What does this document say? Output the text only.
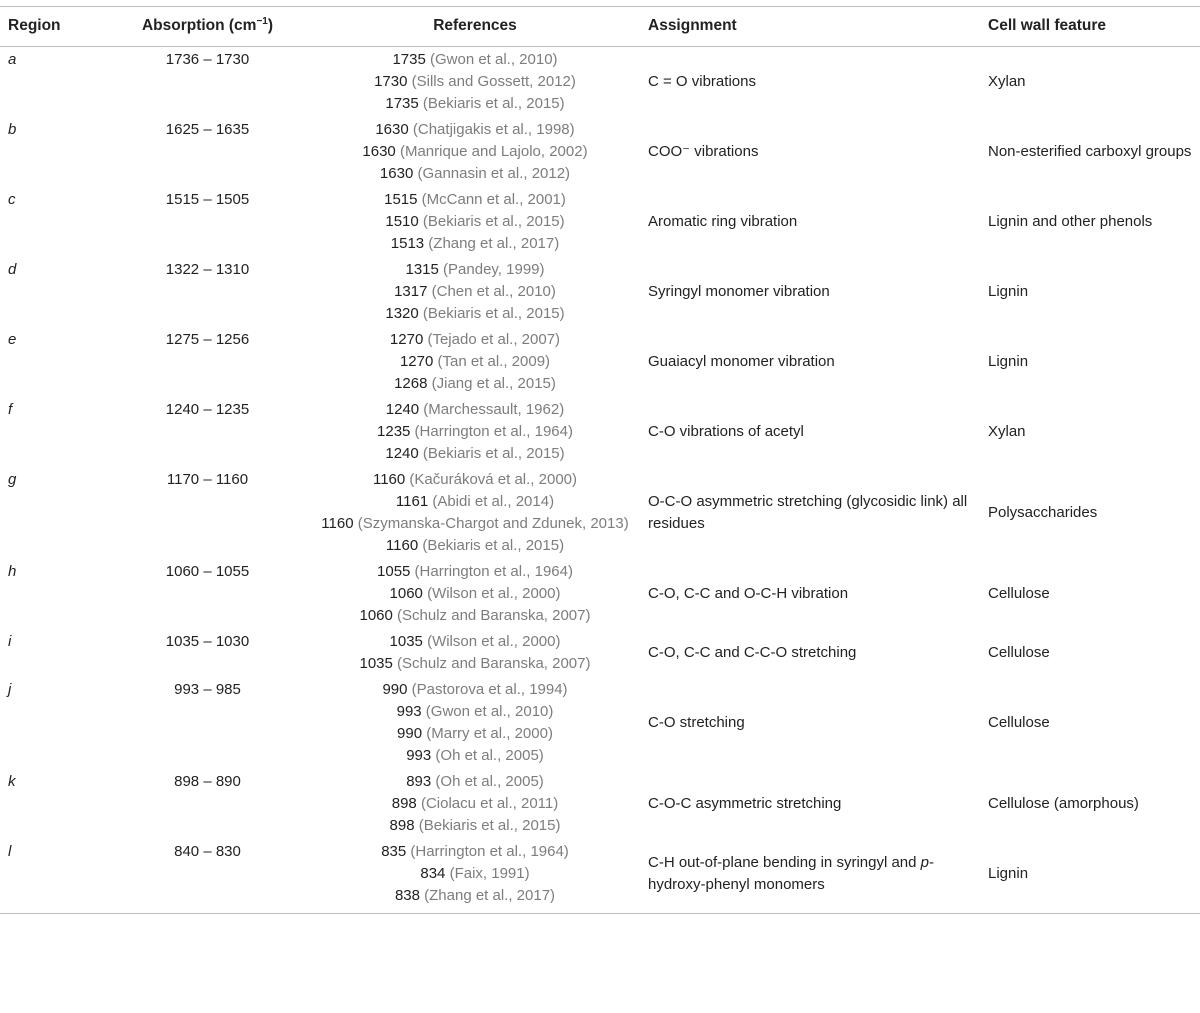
Region	Absorption $(cm^{-1})$	References	Assignment	Cell wall feature
a	1736 – 1730	1735 (Gwon et al., 2010)
1730 (Sills and Gossett, 2012)
1735 (Bekiaris et al., 2015)	C = O vibrations	Xylan
b	1625 – 1635	1630 (Chatjigakis et al., 1998)
1630 (Manrique and Lajolo, 2002)
1630 (Gannasin et al., 2012)	COO⁻ vibrations	Non-esterified carboxyl groups
c	1515 – 1505	1515 (McCann et al., 2001)
1510 (Bekiaris et al., 2015)
1513 (Zhang et al., 2017)	Aromatic ring vibration	Lignin and other phenols
d	1322 – 1310	1315 (Pandey, 1999)
1317 (Chen et al., 2010)
1320 (Bekiaris et al., 2015)	Syringyl monomer vibration	Lignin
e	1275 – 1256	1270 (Tejado et al., 2007)
1270 (Tan et al., 2009)
1268 (Jiang et al., 2015)	Guaiacyl monomer vibration	Lignin
f	1240 – 1235	1240 (Marchessault, 1962)
1235 (Harrington et al., 1964)
1240 (Bekiaris et al., 2015)	C-O vibrations of acetyl	Xylan
g	1170 – 1160	1160 (Kačuráková et al., 2000)
1161 (Abidi et al., 2014)
1160 (Szymanska-Chargot and Zdunek, 2013)
1160 (Bekiaris et al., 2015)	O-C-O asymmetric stretching (glycosidic link) all residues	Polysaccharides
h	1060 – 1055	1055 (Harrington et al., 1964)
1060 (Wilson et al., 2000)
1060 (Schulz and Baranska, 2007)	C-O, C-C and O-C-H vibration	Cellulose
i	1035 – 1030	1035 (Wilson et al., 2000)
1035 (Schulz and Baranska, 2007)	C-O, C-C and C-C-O stretching	Cellulose
j	993 – 985	990 (Pastorova et al., 1994)
993 (Gwon et al., 2010)
990 (Marry et al., 2000)
993 (Oh et al., 2005)	C-O stretching	Cellulose
k	898 – 890	893 (Oh et al., 2005)
898 (Ciolacu et al., 2011)
898 (Bekiaris et al., 2015)	C-O-C asymmetric stretching	Cellulose (amorphous)
l	840 – 830	835 (Harrington et al., 1964)
834 (Faix, 1991)
838 (Zhang et al., 2017)	C-H out-of-plane bending in syringyl and p-hydroxy-phenyl monomers	Lignin
